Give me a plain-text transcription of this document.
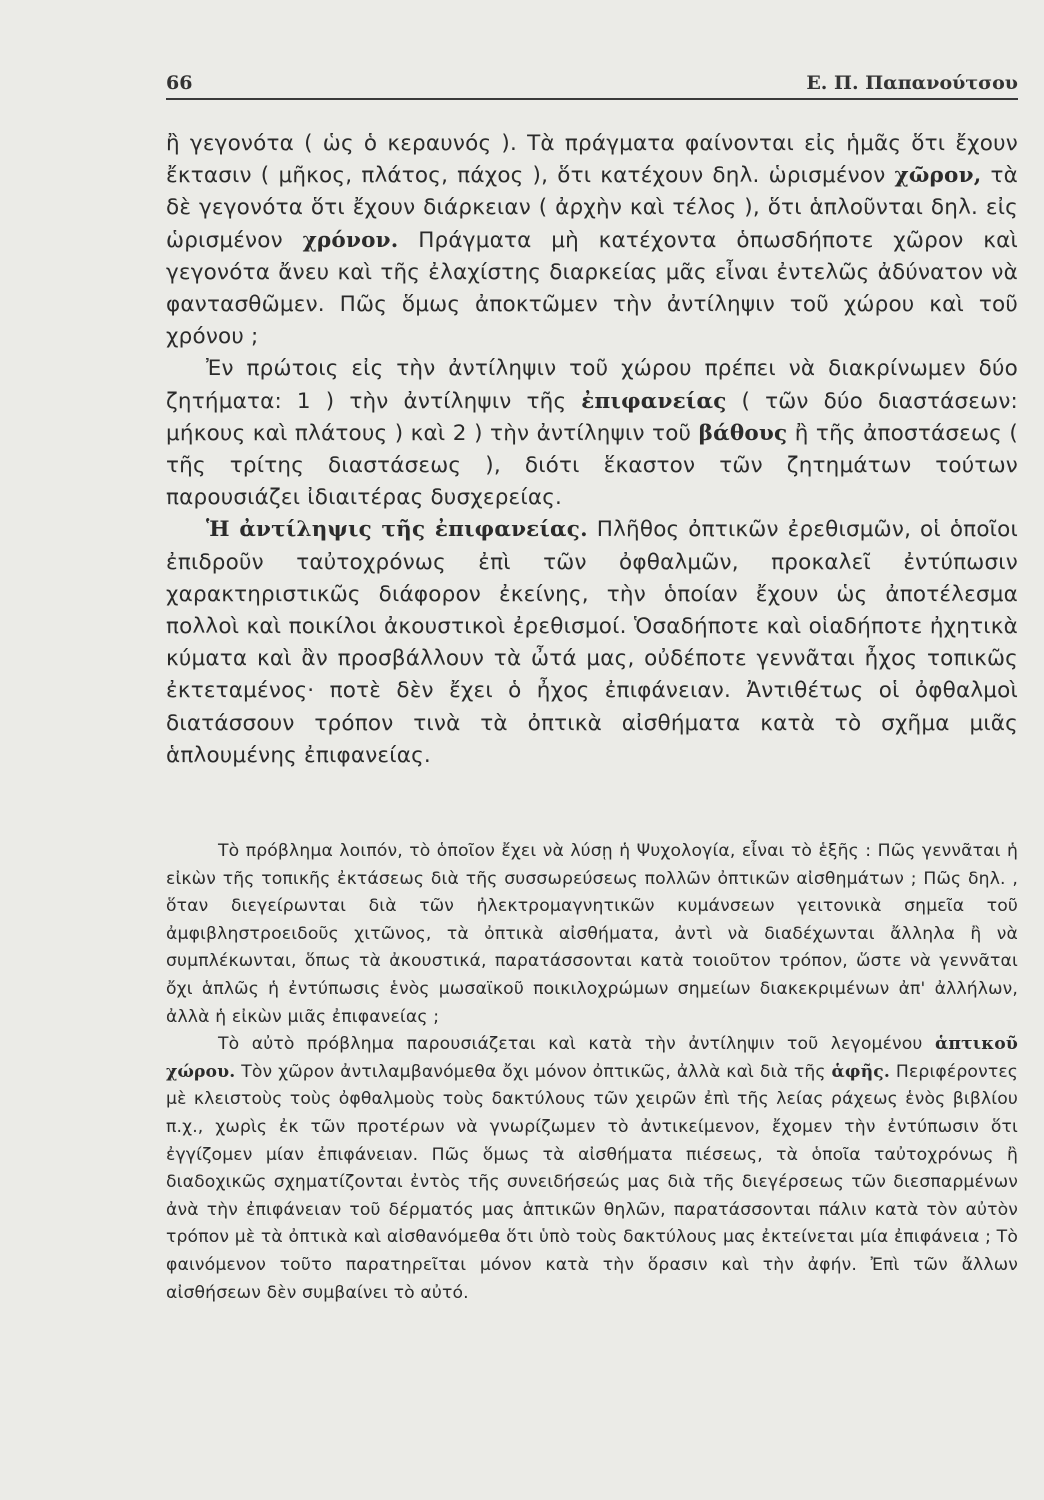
66	Ε. Π. Παπανούτσου

ἢ γεγονότα ( ὡς ὁ κεραυνός ). Τὰ πράγματα φαίνονται εἰς ἡμᾶς ὅτι ἔχουν ἔκτασιν ( μῆκος, πλάτος, πάχος ), ὅτι κατέχουν δηλ. ὡρισμένον χῶρον, τὰ δὲ γεγονότα ὅτι ἔχουν διάρκειαν ( ἀρχὴν καὶ τέλος ), ὅτι ἁπλοῦνται δηλ. εἰς ὡρισμένον χρόνον. Πράγματα μὴ κατέχοντα ὁπωσδήποτε χῶρον καὶ γεγονότα ἄνευ καὶ τῆς ἐλαχίστης διαρκείας μᾶς εἶναι ἐντελῶς ἀδύνατον νὰ φαντασθῶμεν. Πῶς ὅμως ἀποκτῶμεν τὴν ἀντίληψιν τοῦ χώρου καὶ τοῦ χρόνου ;

Ἐν πρώτοις εἰς τὴν ἀντίληψιν τοῦ χώρου πρέπει νὰ διακρίνωμεν δύο ζητήματα: 1 ) τὴν ἀντίληψιν τῆς ἐπιφανείας ( τῶν δύο διαστάσεων: μήκους καὶ πλάτους ) καὶ 2 ) τὴν ἀντίληψιν τοῦ βάθους ἢ τῆς ἀποστάσεως ( τῆς τρίτης διαστάσεως ), διότι ἕκαστον τῶν ζητημάτων τούτων παρουσιάζει ἰδιαιτέρας δυσχερείας.

Ἡ ἀντίληψις τῆς ἐπιφανείας. Πλῆθος ὀπτικῶν ἐρεθισμῶν, οἱ ὁποῖοι ἐπιδροῦν ταὐτοχρόνως ἐπὶ τῶν ὀφθαλμῶν, προκαλεῖ ἐντύπωσιν χαρακτηριστικῶς διάφορον ἐκείνης, τὴν ὁποίαν ἔχουν ὡς ἀποτέλεσμα πολλοὶ καὶ ποικίλοι ἀκουστικοὶ ἐρεθισμοί. Ὁσαδήποτε καὶ οἱαδήποτε ἠχητικὰ κύματα καὶ ἂν προσβάλλουν τὰ ὦτά μας, οὐδέποτε γεννᾶται ἦχος τοπικῶς ἐκτεταμένος· ποτὲ δὲν ἔχει ὁ ἦχος ἐπιφάνειαν. Ἀντιθέτως οἱ ὀφθαλμοὶ διατάσσουν τρόπον τινὰ τὰ ὀπτικὰ αἰσθήματα κατὰ τὸ σχῆμα μιᾶς ἁπλουμένης ἐπιφανείας.

Τὸ πρόβλημα λοιπόν, τὸ ὁποῖον ἔχει νὰ λύσῃ ἡ Ψυχολογία, εἶναι τὸ ἑξῆς : Πῶς γεννᾶται ἡ εἰκὼν τῆς τοπικῆς ἐκτάσεως διὰ τῆς συσσωρεύσεως πολλῶν ὀπτικῶν αἰσθημάτων ; Πῶς δηλ. , ὅταν διεγείρωνται διὰ τῶν ἠλεκτρομαγνητικῶν κυμάνσεων γειτονικὰ σημεῖα τοῦ ἀμφιβληστροειδοῦς χιτῶνος, τὰ ὀπτικὰ αἰσθήματα, ἀντὶ νὰ διαδέχωνται ἄλληλα ἢ νὰ συμπλέκωνται, ὅπως τὰ ἀκουστικά, παρατάσσονται κατὰ τοιοῦτον τρόπον, ὥστε νὰ γεννᾶται ὄχι ἁπλῶς ἡ ἐντύπωσις ἑνὸς μωσαϊκοῦ ποικιλοχρώμων σημείων διακεκριμένων ἀπ' ἀλλήλων, ἀλλὰ ἡ εἰκὼν μιᾶς ἐπιφανείας ;

Τὸ αὐτὸ πρόβλημα παρουσιάζεται καὶ κατὰ τὴν ἀντίληψιν τοῦ λεγομένου ἁπτικοῦ χώρου. Τὸν χῶρον ἀντιλαμβανόμεθα ὄχι μόνον ὀπτικῶς, ἀλλὰ καὶ διὰ τῆς ἁφῆς. Περιφέροντες μὲ κλειστοὺς τοὺς ὀφθαλμοὺς τοὺς δακτύλους τῶν χειρῶν ἐπὶ τῆς λείας ράχεως ἑνὸς βιβλίου π.χ., χωρὶς ἐκ τῶν προτέρων νὰ γνωρίζωμεν τὸ ἀντικείμενον, ἔχομεν τὴν ἐντύπωσιν ὅτι ἐγγίζομεν μίαν ἐπιφάνειαν. Πῶς ὅμως τὰ αἰσθήματα πιέσεως, τὰ ὁποῖα ταὐτοχρόνως ἢ διαδοχικῶς σχηματίζονται ἐντὸς τῆς συνειδήσεώς μας διὰ τῆς διεγέρσεως τῶν διεσπαρμένων ἀνὰ τὴν ἐπιφάνειαν τοῦ δέρματός μας ἁπτικῶν θηλῶν, παρατάσσονται πάλιν κατὰ τὸν αὐτὸν τρόπον μὲ τὰ ὀπτικὰ καὶ αἰσθανόμεθα ὅτι ὑπὸ τοὺς δακτύλους μας ἐκτείνεται μία ἐπιφάνεια ; Τὸ φαινόμενον τοῦτο παρατηρεῖται μόνον κατὰ τὴν ὅρασιν καὶ τὴν ἀφήν. Ἐπὶ τῶν ἄλλων αἰσθήσεων δὲν συμβαίνει τὸ αὐτό.
